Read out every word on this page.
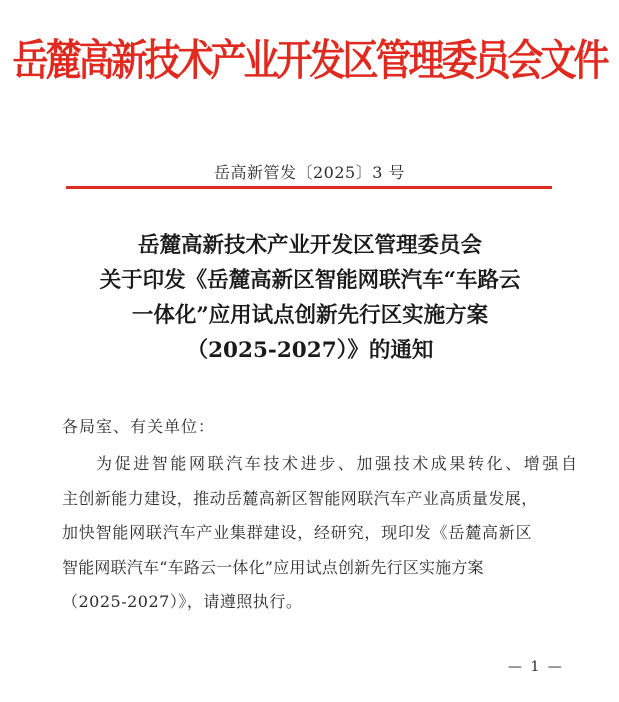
岳麓高新技术产业开发区管理委员会文件
岳高新管发〔2025〕3 号
岳麓高新技术产业开发区管理委员会
关于印发《岳麓高新区智能网联汽车“车路云
一体化”应用试点创新先行区实施方案
（2025-2027）》的通知
各局室、有关单位：
为促进智能网联汽车技术进步、加强技术成果转化、增强自
主创新能力建设，推动岳麓高新区智能网联汽车产业高质量发展，
加快智能网联汽车产业集群建设，经研究，现印发《岳麓高新区
智能网联汽车“车路云一体化”应用试点创新先行区实施方案
（2025-2027）》，请遵照执行。
— 1 —
